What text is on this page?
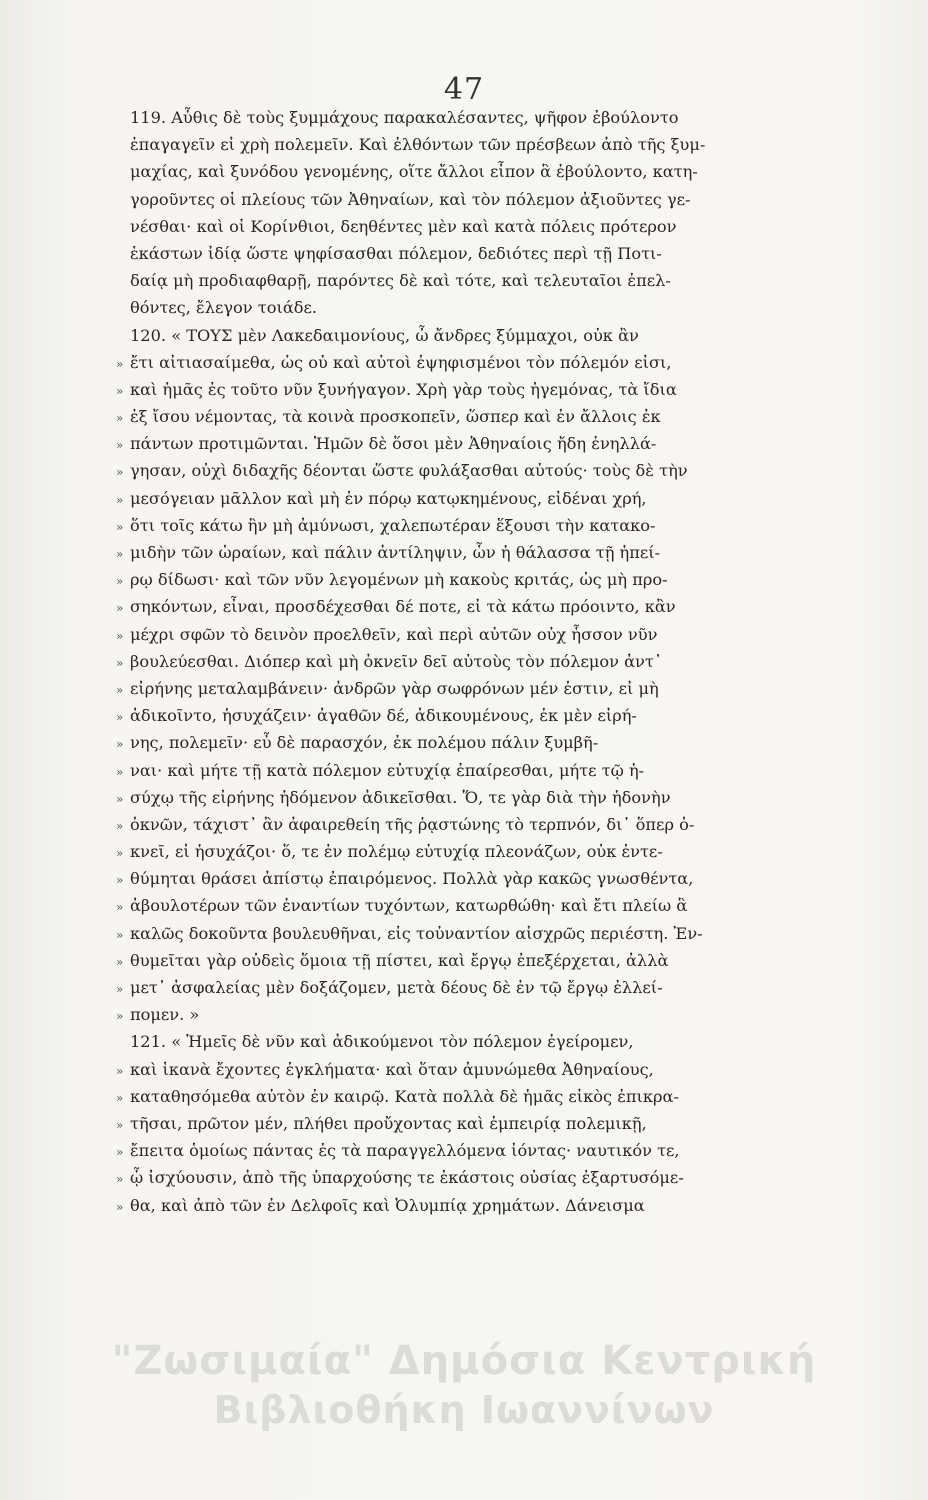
47
119. Αὖθις δὲ τοὺς ξυμμάχους παρακαλέσαντες, ψῆφον ἐβούλοντο
ἐπαγαγεῖν εἰ χρὴ πολεμεῖν. Καὶ ἐλθόντων τῶν πρέσβεων ἀπὸ τῆς ξυμ-
μαχίας, καὶ ξυνόδου γενομένης, οἵτε ἄλλοι εἶπον ἃ ἐβούλοντο, κατη-
γοροῦντες οἱ πλείους τῶν Ἀθηναίων, καὶ τὸν πόλεμον ἀξιοῦντες γε-
νέσθαι· καὶ οἱ Κορίνθιοι, δεηθέντες μὲν καὶ κατὰ πόλεις πρότερον
ἑκάστων ἰδίᾳ ὥστε ψηφίσασθαι πόλεμον, δεδιότες περὶ τῇ Ποτι-
δαίᾳ μὴ προδιαφθαρῇ, παρόντες δὲ καὶ τότε, καὶ τελευταῖοι ἐπελ-
θόντες, ἔλεγον τοιάδε.
120. « ΤΟΥΣ μὲν Λακεδαιμονίους, ὦ ἄνδρες ξύμμαχοι, οὐκ ἂν
» ἔτι αἰτιασαίμεθα, ὡς οὐ καὶ αὐτοὶ ἐψηφισμένοι τὸν πόλεμόν εἰσι,
» καὶ ἡμᾶς ἐς τοῦτο νῦν ξυνήγαγον. Χρὴ γὰρ τοὺς ἡγεμόνας, τὰ ἴδια
» ἐξ ἴσου νέμοντας, τὰ κοινὰ προσκοπεῖν, ὥσπερ καὶ ἐν ἄλλοις ἐκ
» πάντων προτιμῶνται. Ἡμῶν δὲ ὅσοι μὲν Ἀθηναίοις ἤδη ἐνηλλά-
» γησαν, οὐχὶ διδαχῆς δέονται ὥστε φυλάξασθαι αὐτούς· τοὺς δὲ τὴν
» μεσόγειαν μᾶλλον καὶ μὴ ἐν πόρῳ κατῳκημένους, εἰδέναι χρή,
» ὅτι τοῖς κάτω ἢν μὴ ἀμύνωσι, χαλεπωτέραν ἕξουσι τὴν κατακο-
» μιδὴν τῶν ὡραίων, καὶ πάλιν ἀντίληψιν, ὧν ἡ θάλασσα τῇ ἠπεί-
» ρῳ δίδωσι· καὶ τῶν νῦν λεγομένων μὴ κακοὺς κριτάς, ὡς μὴ προ-
» σηκόντων, εἶναι, προσδέχεσθαι δέ ποτε, εἰ τὰ κάτω πρόοιντο, κἂν
» μέχρι σφῶν τὸ δεινὸν προελθεῖν, καὶ περὶ αὐτῶν οὐχ ἧσσον νῦν
» βουλεύεσθαι. Διόπερ καὶ μὴ ὀκνεῖν δεῖ αὐτοὺς τὸν πόλεμον ἀντ᾽
» εἰρήνης μεταλαμβάνειν· ἀνδρῶν γὰρ σωφρόνων μέν ἐστιν, εἰ μὴ
» ἀδικοῖντο, ἡσυχάζειν· ἀγαθῶν δέ, ἀδικουμένους, ἐκ μὲν εἰρή-
» νης, πολεμεῖν· εὖ δὲ παρασχόν, ἐκ πολέμου πάλιν ξυμβῆ-
» ναι· καὶ μήτε τῇ κατὰ πόλεμον εὐτυχίᾳ ἐπαίρεσθαι, μήτε τῷ ἡ-
» σύχῳ τῆς εἰρήνης ἡδόμενον ἀδικεῖσθαι. Ὅ, τε γὰρ διὰ τὴν ἡδονὴν
» ὀκνῶν, τάχιστ᾽ ἂν ἀφαιρεθείη τῆς ῥᾳστώνης τὸ τερπνόν, δι᾽ ὅπερ ὀ-
» κνεῖ, εἰ ἡσυχάζοι· ὅ, τε ἐν πολέμῳ εὐτυχίᾳ πλεονάζων, οὐκ ἐντε-
» θύμηται θράσει ἀπίστῳ ἐπαιρόμενος. Πολλὰ γὰρ κακῶς γνωσθέντα,
» ἀβουλοτέρων τῶν ἐναντίων τυχόντων, κατωρθώθη· καὶ ἔτι πλείω ἃ
» καλῶς δοκοῦντα βουλευθῆναι, εἰς τοὐναντίον αἰσχρῶς περιέστη. Ἐν-
» θυμεῖται γὰρ οὐδεὶς ὅμοια τῇ πίστει, καὶ ἔργῳ ἐπεξέρχεται, ἀλλὰ
» μετ᾽ ἀσφαλείας μὲν δοξάζομεν, μετὰ δέους δὲ ἐν τῷ ἔργῳ ἐλλεί-
» πομεν. »
121. « Ἡμεῖς δὲ νῦν καὶ ἀδικούμενοι τὸν πόλεμον ἐγείρομεν,
» καὶ ἱκανὰ ἔχοντες ἐγκλήματα· καὶ ὅταν ἀμυνώμεθα Ἀθηναίους,
» καταθησόμεθα αὐτὸν ἐν καιρῷ. Κατὰ πολλὰ δὲ ἡμᾶς εἰκὸς ἐπικρα-
» τῆσαι, πρῶτον μέν, πλήθει προὔχοντας καὶ ἐμπειρίᾳ πολεμικῇ,
» ἔπειτα ὁμοίως πάντας ἐς τὰ παραγγελλόμενα ἰόντας· ναυτικόν τε,
» ᾧ ἰσχύουσιν, ἀπὸ τῆς ὑπαρχούσης τε ἑκάστοις οὐσίας ἐξαρτυσόμε-
» θα, καὶ ἀπὸ τῶν ἐν Δελφοῖς καὶ Ὀλυμπίᾳ χρημάτων. Δάνεισμα
"Ζωσιμαία" Δημόσια Κεντρική
Βιβλιοθήκη Ιωαννίνων
